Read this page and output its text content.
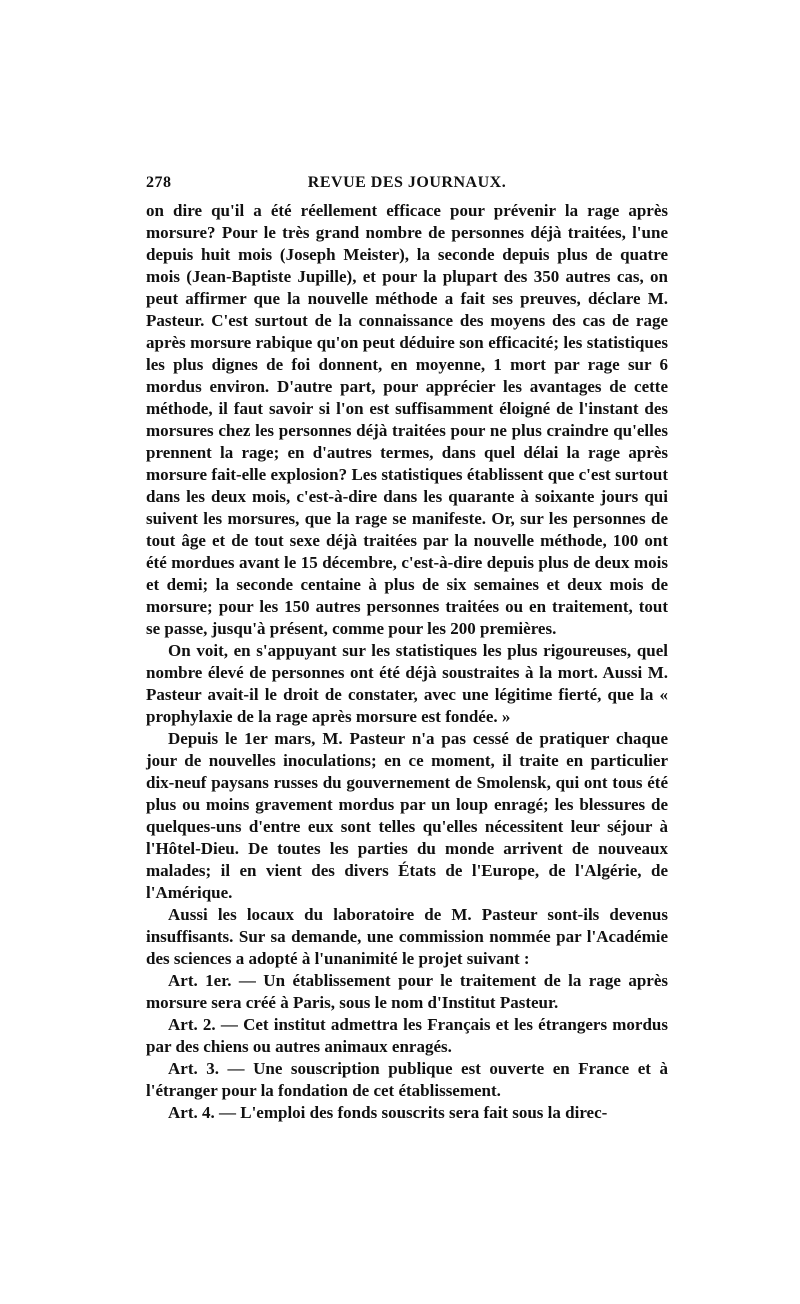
278	REVUE DES JOURNAUX.

on dire qu'il a été réellement efficace pour prévenir la rage après morsure? Pour le très grand nombre de personnes déjà traitées, l'une depuis huit mois (Joseph Meister), la seconde depuis plus de quatre mois (Jean-Baptiste Jupille), et pour la plupart des 350 autres cas, on peut affirmer que la nouvelle méthode a fait ses preuves, déclare M. Pasteur. C'est surtout de la connaissance des moyens des cas de rage après morsure rabique qu'on peut déduire son efficacité; les statistiques les plus dignes de foi donnent, en moyenne, 1 mort par rage sur 6 mordus environ. D'autre part, pour apprécier les avantages de cette méthode, il faut savoir si l'on est suffisamment éloigné de l'instant des morsures chez les personnes déjà traitées pour ne plus craindre qu'elles prennent la rage; en d'autres termes, dans quel délai la rage après morsure fait-elle explosion? Les statistiques établissent que c'est surtout dans les deux mois, c'est-à-dire dans les quarante à soixante jours qui suivent les morsures, que la rage se manifeste. Or, sur les personnes de tout âge et de tout sexe déjà traitées par la nouvelle méthode, 100 ont été mordues avant le 15 décembre, c'est-à-dire depuis plus de deux mois et demi; la seconde centaine à plus de six semaines et deux mois de morsure; pour les 150 autres personnes traitées ou en traitement, tout se passe, jusqu'à présent, comme pour les 200 premières.

On voit, en s'appuyant sur les statistiques les plus rigoureuses, quel nombre élevé de personnes ont été déjà soustraites à la mort. Aussi M. Pasteur avait-il le droit de constater, avec une légitime fierté, que la « prophylaxie de la rage après morsure est fondée. »

Depuis le 1er mars, M. Pasteur n'a pas cessé de pratiquer chaque jour de nouvelles inoculations; en ce moment, il traite en particulier dix-neuf paysans russes du gouvernement de Smolensk, qui ont tous été plus ou moins gravement mordus par un loup enragé; les blessures de quelques-uns d'entre eux sont telles qu'elles nécessitent leur séjour à l'Hôtel-Dieu. De toutes les parties du monde arrivent de nouveaux malades; il en vient des divers États de l'Europe, de l'Algérie, de l'Amérique.

Aussi les locaux du laboratoire de M. Pasteur sont-ils devenus insuffisants. Sur sa demande, une commission nommée par l'Académie des sciences a adopté à l'unanimité le projet suivant :

Art. 1er. — Un établissement pour le traitement de la rage après morsure sera créé à Paris, sous le nom d'Institut Pasteur.

Art. 2. — Cet institut admettra les Français et les étrangers mordus par des chiens ou autres animaux enragés.

Art. 3. — Une souscription publique est ouverte en France et à l'étranger pour la fondation de cet établissement.

Art. 4. — L'emploi des fonds souscrits sera fait sous la direc-
